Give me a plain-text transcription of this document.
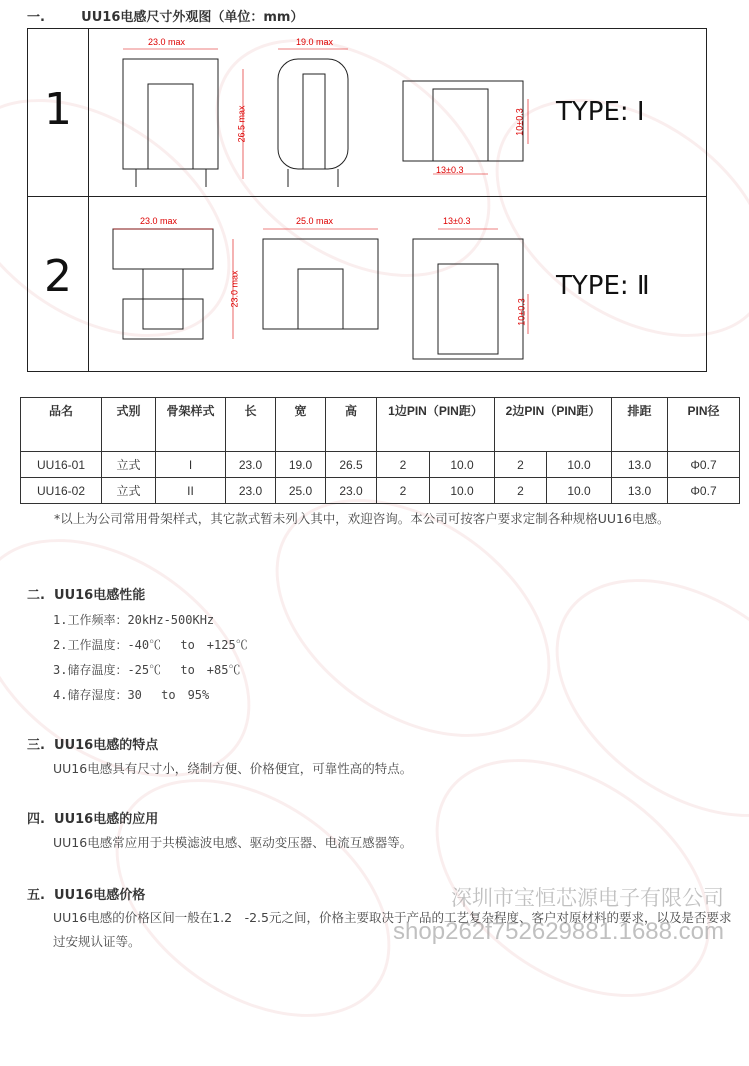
一.	UU16电感尺寸外观图（单位：mm）
1
2
23.0 max	19.0 max
26.5 max	10±0.3
13±0.3
23.0 max	25.0 max
23.0 max
13±0.3
10±0.3
TYPE: Ⅰ
TYPE: Ⅱ
品名	式别	骨架样式	长	宽	高	1边PIN（PIN距）		2边PIN（PIN距）		排距	PIN径
UU16-01	立式	I	23.0	19.0	26.5	2	10.0	2	10.0	13.0	Φ0.7
UU16-02	立式	II	23.0	25.0	23.0	2	10.0	2	10.0	13.0	Φ0.7
*以上为公司常用骨架样式，其它款式暂未列入其中，欢迎咨询。本公司可按客户要求定制各种规格UU16电感。
二. UU16电感性能
1.工作频率：20kHz-500KHz
2.工作温度：-40℃　 to　+125℃
3.储存温度：-25℃　 to　+85℃
4.储存湿度：30　 to　95%
三. UU16电感的特点
UU16电感具有尺寸小，绕制方便、价格便宜，可靠性高的特点。
四. UU16电感的应用
UU16电感常应用于共模滤波电感、驱动变压器、电流互感器等。
五. UU16电感价格
UU16电感的价格区间一般在1.2　-2.5元之间，价格主要取决于产品的工艺复杂程度、客户对原材料的要求，以及是否要求过安规认证等。
深圳市宝恒芯源电子有限公司
shop262f752629881.1688.com
